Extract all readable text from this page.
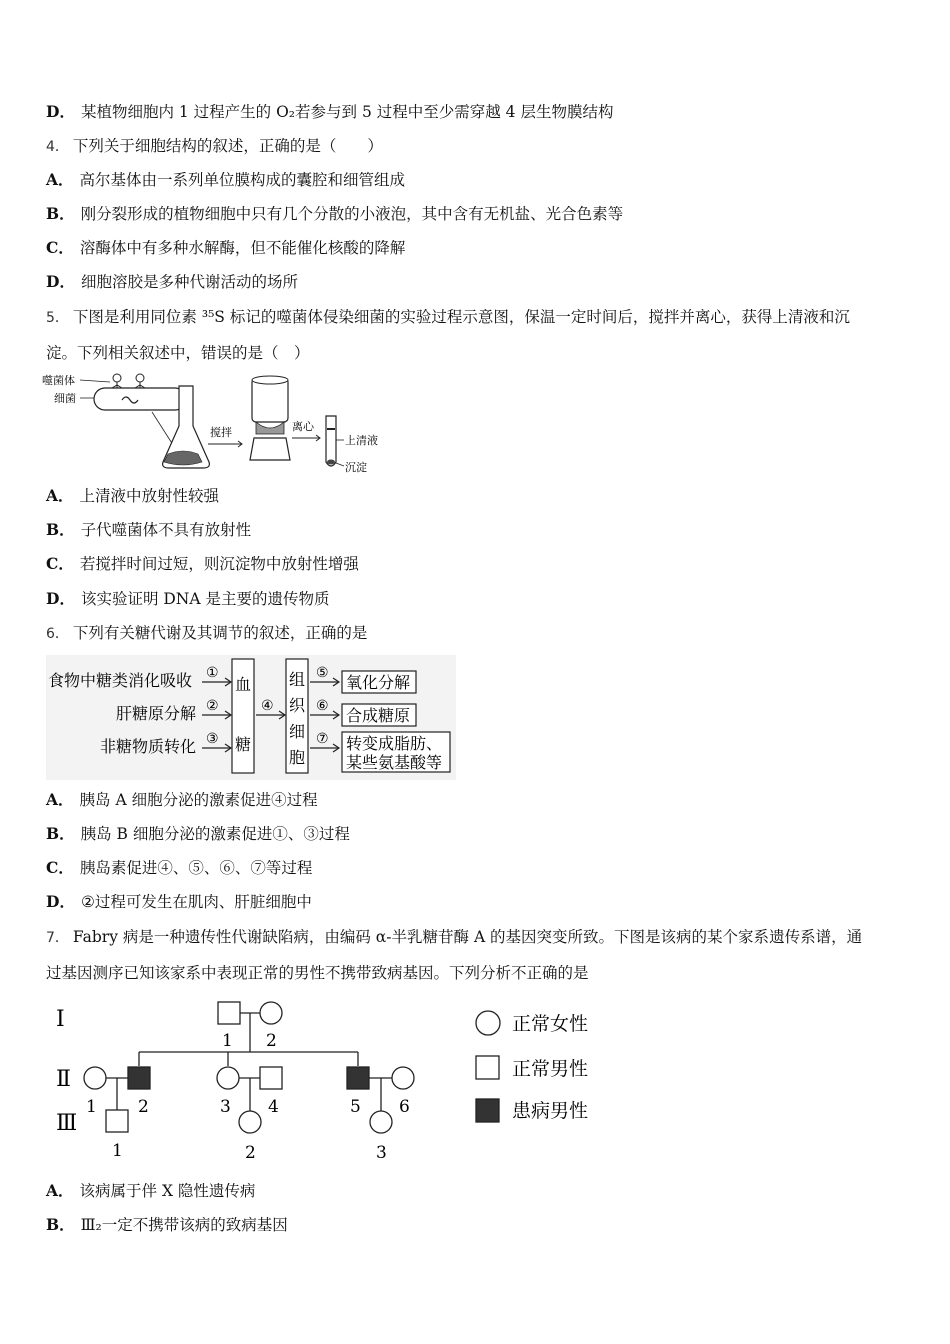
D． 某植物细胞内 1 过程产生的 O₂若参与到 5 过程中至少需穿越 4 层生物膜结构
4． 下列关于细胞结构的叙述，正确的是（　　）
A． 高尔基体由一系列单位膜构成的囊腔和细管组成
B． 刚分裂形成的植物细胞中只有几个分散的小液泡，其中含有无机盐、光合色素等
C． 溶酶体中有多种水解酶，但不能催化核酸的降解
D． 细胞溶胶是多种代谢活动的场所
5． 下图是利用同位素 ³⁵S 标记的噬菌体侵染细菌的实验过程示意图，保温一定时间后，搅拌并离心，获得上清液和沉
淀。下列相关叙述中，错误的是（　）
噬菌体
细菌
搅拌	离心
上清液
沉淀
A． 上清液中放射性较强
B． 子代噬菌体不具有放射性
C． 若搅拌时间过短，则沉淀物中放射性增强
D． 该实验证明 DNA 是主要的遗传物质
6． 下列有关糖代谢及其调节的叙述，正确的是
食物中糖类消化吸收
肝糖原分解
非糖物质转化
①
②
③
血
糖
④
组
织
细
胞
⑤
⑥
⑦
氧化分解
合成糖原
转变成脂肪、
某些氨基酸等
A． 胰岛 A 细胞分泌的激素促进④过程
B． 胰岛 B 细胞分泌的激素促进①、③过程
C． 胰岛素促进④、⑤、⑥、⑦等过程
D． ②过程可发生在肌肉、肝脏细胞中
7． Fabry 病是一种遗传性代谢缺陷病，由编码 α-半乳糖苷酶 A 的基因突变所致。下图是该病的某个家系遗传系谱，通
过基因测序已知该家系中表现正常的男性不携带致病基因。下列分析不正确的是
Ⅰ
Ⅱ
Ⅲ
1 2
1 2	3 4	5 6
1	2	3
正常女性
正常男性
患病男性
A． 该病属于伴 X 隐性遗传病
B． Ⅲ₂一定不携带该病的致病基因
